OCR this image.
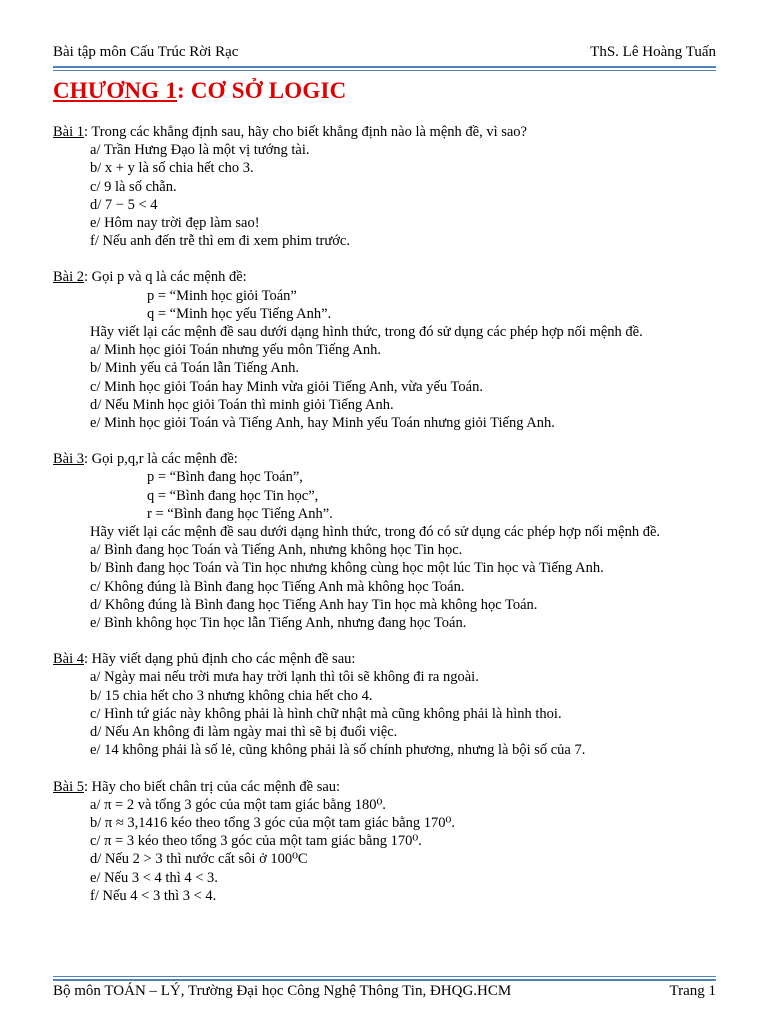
Bài tập môn Cấu Trúc Rời Rạc	ThS. Lê Hoàng Tuấn
CHƯƠNG 1: CƠ SỞ LOGIC
Bài 1: Trong các khẳng định sau, hãy cho biết khẳng định nào là mệnh đề, vì sao?
a/ Trần Hưng Đạo là một vị tướng tài.
b/ x + y là số chia hết cho 3.
c/ 9 là số chẵn.
d/ 7 − 5 < 4
e/ Hôm nay trời đẹp làm sao!
f/ Nếu anh đến trễ thì em đi xem phim trước.
Bài 2: Gọi p và q là các mệnh đề:
p = “Minh học giỏi Toán”
q = “Minh học yếu Tiếng Anh”.
Hãy viết lại các mệnh đề sau dưới dạng hình thức, trong đó sử dụng các phép hợp nối mệnh đề.
a/ Minh học giỏi Toán nhưng yếu môn Tiếng Anh.
b/ Minh yếu cả Toán lẫn Tiếng Anh.
c/ Minh học giỏi Toán hay Minh vừa giỏi Tiếng Anh, vừa yếu Toán.
d/ Nếu Minh học giỏi Toán thì minh giỏi Tiếng Anh.
e/ Minh học giỏi Toán và Tiếng Anh, hay Minh yếu Toán nhưng giỏi Tiếng Anh.
Bài 3: Gọi p,q,r là các mệnh đề:
p = “Bình đang học Toán”,
q = “Bình đang học Tin học”,
r = “Bình đang học Tiếng Anh”.
Hãy viết lại các mệnh đề sau dưới dạng hình thức, trong đó có sử dụng các phép hợp nối mệnh đề.
a/ Bình đang học Toán và Tiếng Anh, nhưng không học Tin học.
b/ Bình đang học Toán và Tin học nhưng không cùng học một lúc Tin học và Tiếng Anh.
c/ Không đúng là Bình đang học Tiếng Anh mà không học Toán.
d/ Không đúng là Bình đang học Tiếng Anh hay Tin học mà không học Toán.
e/ Bình không học Tin học lẫn Tiếng Anh, nhưng đang học Toán.
Bài 4: Hãy viết dạng phủ định cho các mệnh đề sau:
a/ Ngày mai nếu trời mưa hay trời lạnh thì tôi sẽ không đi ra ngoài.
b/ 15 chia hết cho 3 nhưng không chia hết cho 4.
c/ Hình tứ giác này không phải là hình chữ nhật mà cũng không phải là hình thoi.
d/ Nếu An không đi làm ngày mai thì sẽ bị đuổi việc.
e/ 14 không phải là số lẻ, cũng không phải là số chính phương, nhưng là bội số của 7.
Bài 5: Hãy cho biết chân trị của các mệnh đề sau:
a/ π = 2 và tổng 3 góc của một tam giác bằng 180⁰.
b/ π ≈ 3,1416 kéo theo tổng 3 góc của một tam giác bằng 170⁰.
c/ π = 3 kéo theo tổng 3 góc của một tam giác bằng 170⁰.
d/ Nếu 2 > 3 thì nước cất sôi ở 100⁰C
e/ Nếu 3 < 4 thì 4 < 3.
f/ Nếu 4 < 3 thì 3 < 4.
Bộ môn TOÁN – LÝ, Trường Đại học Công Nghệ Thông Tin, ĐHQG.HCM	Trang 1
